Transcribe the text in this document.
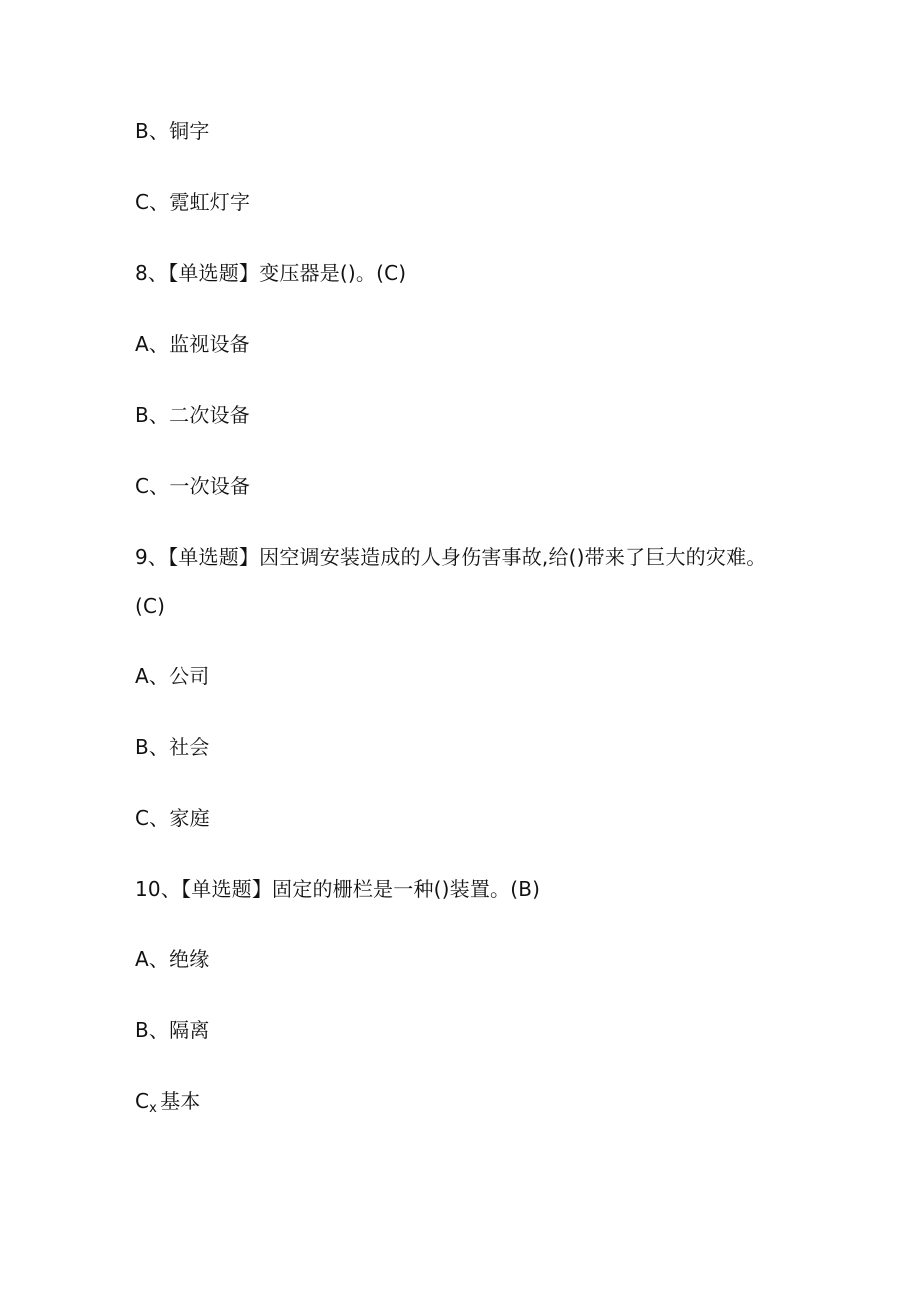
B、铜字
C、霓虹灯字
8、【单选题】变压器是()。(C)
A、监视设备
B、二次设备
C、一次设备
9、【单选题】因空调安装造成的人身伤害事故,给()带来了巨大的灾难。
(C)
A、公司
B、社会
C、家庭
10、【单选题】固定的栅栏是一种()装置。(B)
A、绝缘
B、隔离
$C_x$ 基本
